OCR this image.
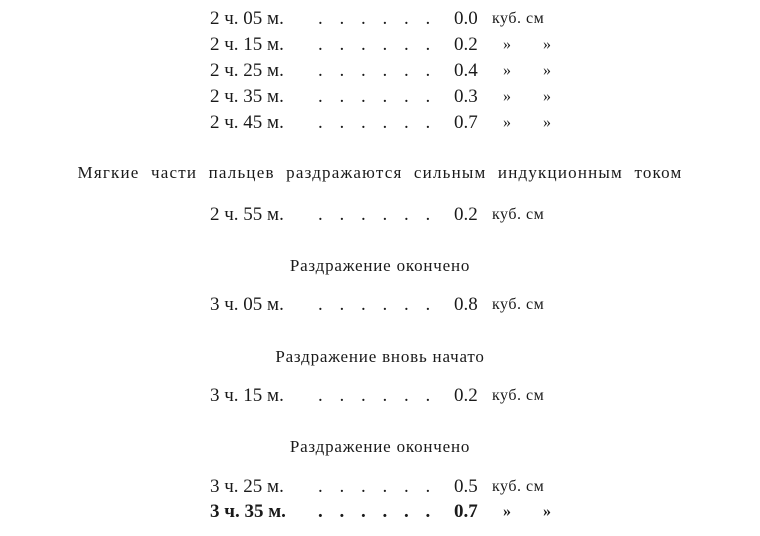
2 ч. 05 м.	. . . . . . 0.0 куб. см
2 ч. 15 м.	. . . . . . 0.2	» »
2 ч. 25 м.	. . . . . . 0.4	» »
2 ч. 35 м.	. . . . . . 0.3	» »
2 ч. 45 м.	. . . . . . 0.7	» »
Мягкие части пальцев раздражаются сильным индукционным током
2 ч. 55 м.	. . . . . . 0.2 куб. см
Раздражение окончено
3 ч. 05 м.	. . . . . . 0.8 куб. см
Раздражение вновь начато
3 ч. 15 м.	. . . . . . 0.2 куб. см
Раздражение окончено
3 ч. 25 м.	. . . . . . 0.5 куб. см
3 ч. 35 м.	. . . . . . 0.7	» »
